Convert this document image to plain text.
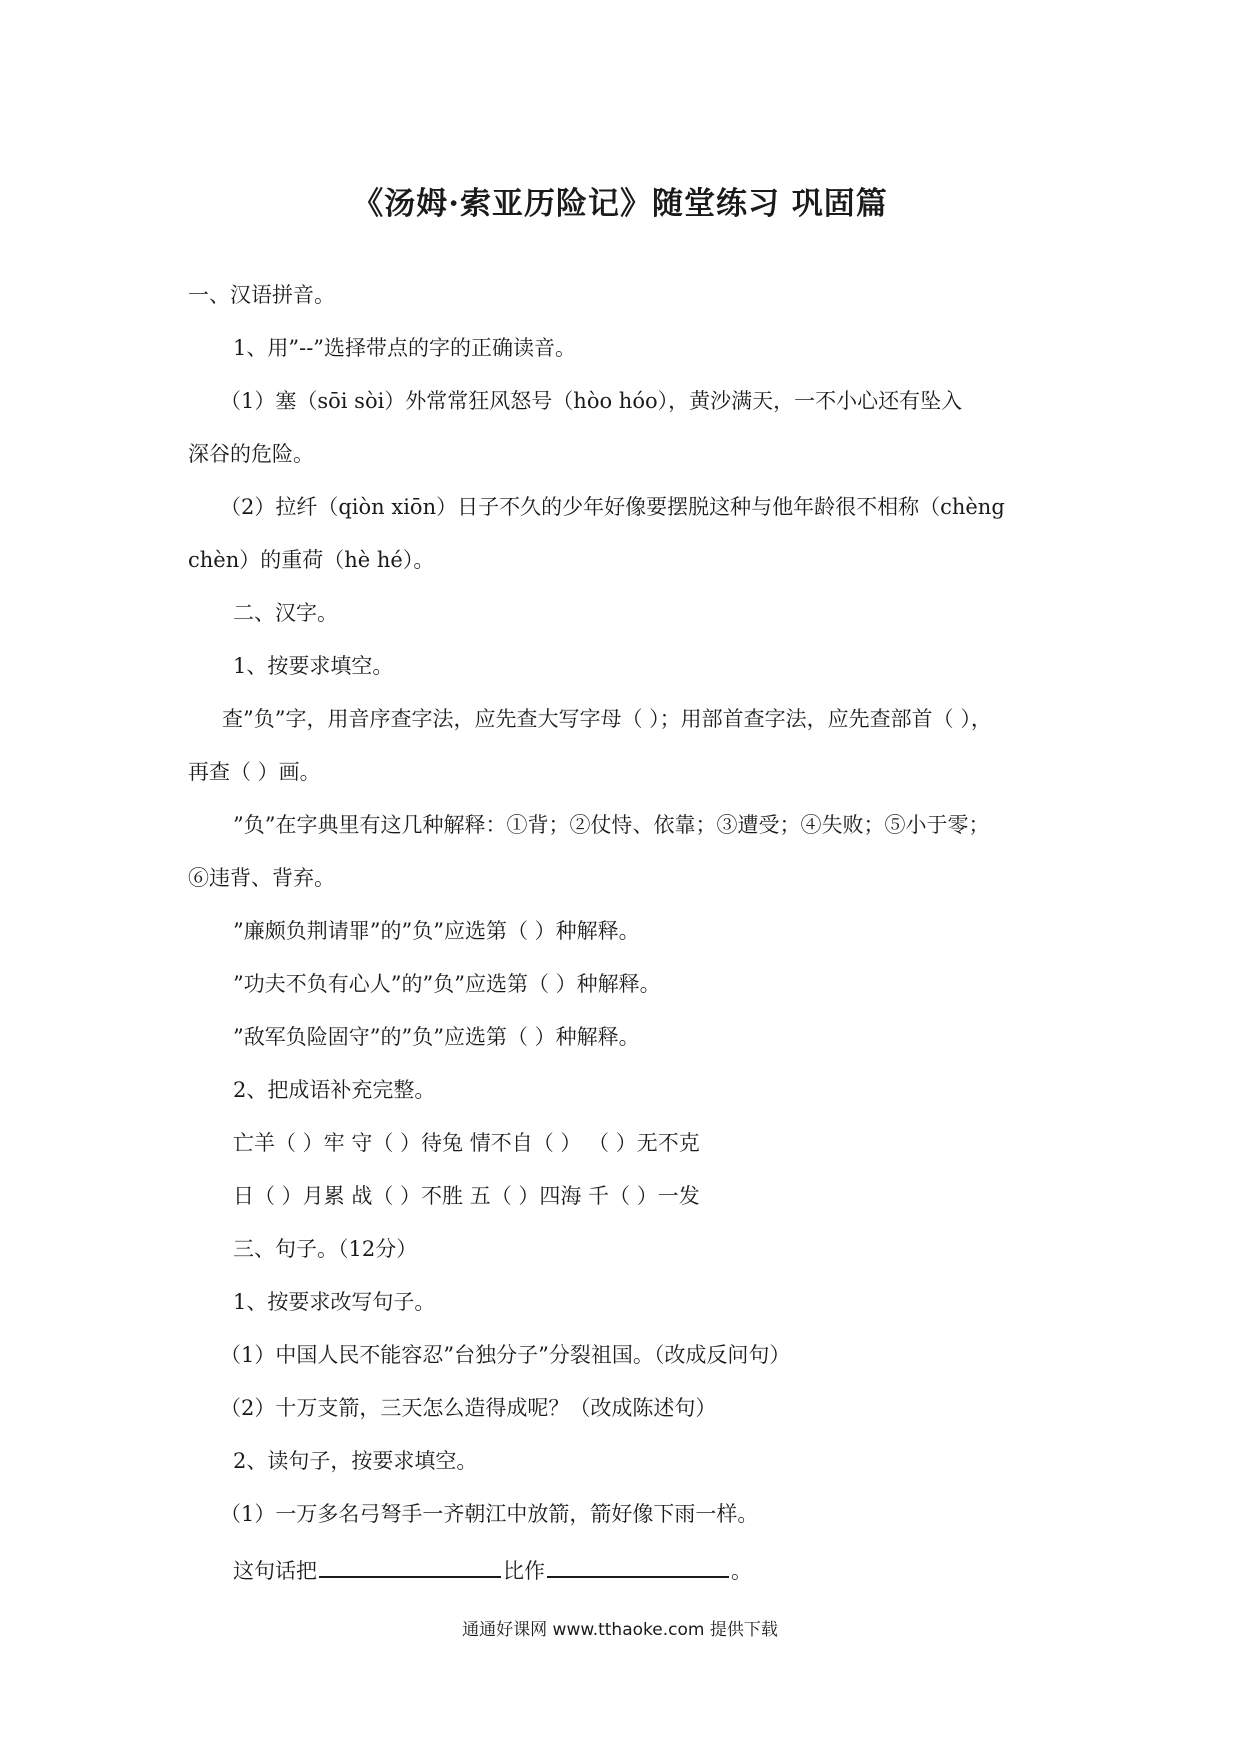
《汤姆·索亚历险记》随堂练习 巩固篇
一、汉语拼音。
1、用”--”选择带点的字的正确读音。
（1）塞（sōi sòi）外常常狂风怒号（hòo hóo），黄沙满天，一不小心还有坠入
深谷的危险。
（2）拉纤（qiòn xiōn）日子不久的少年好像要摆脱这种与他年龄很不相称（chèng
chèn）的重荷（hè hé）。
二、汉字。
1、按要求填空。
查”负”字，用音序查字法，应先查大写字母（ ）；用部首查字法，应先查部首（ ），
再查（ ）画。
”负”在字典里有这几种解释：①背；②仗恃、依靠；③遭受；④失败；⑤小于零；
⑥违背、背弃。
”廉颇负荆请罪”的”负”应选第（ ）种解释。
”功夫不负有心人”的”负”应选第（ ）种解释。
”敌军负险固守”的”负”应选第（ ）种解释。
2、把成语补充完整。
亡羊（ ）牢 守（ ）待兔 情不自（ ） （ ）无不克
日（ ）月累 战（ ）不胜 五（ ）四海 千（ ）一发
三、句子。（12分）
1、按要求改写句子。
（1）中国人民不能容忍”台独分子”分裂祖国。（改成反问句）
（2）十万支箭，三天怎么造得成呢？（改成陈述句）
2、读句子，按要求填空。
（1）一万多名弓弩手一齐朝江中放箭，箭好像下雨一样。
这句话把	比作	。
通通好课网 www.tthaoke.com 提供下载
